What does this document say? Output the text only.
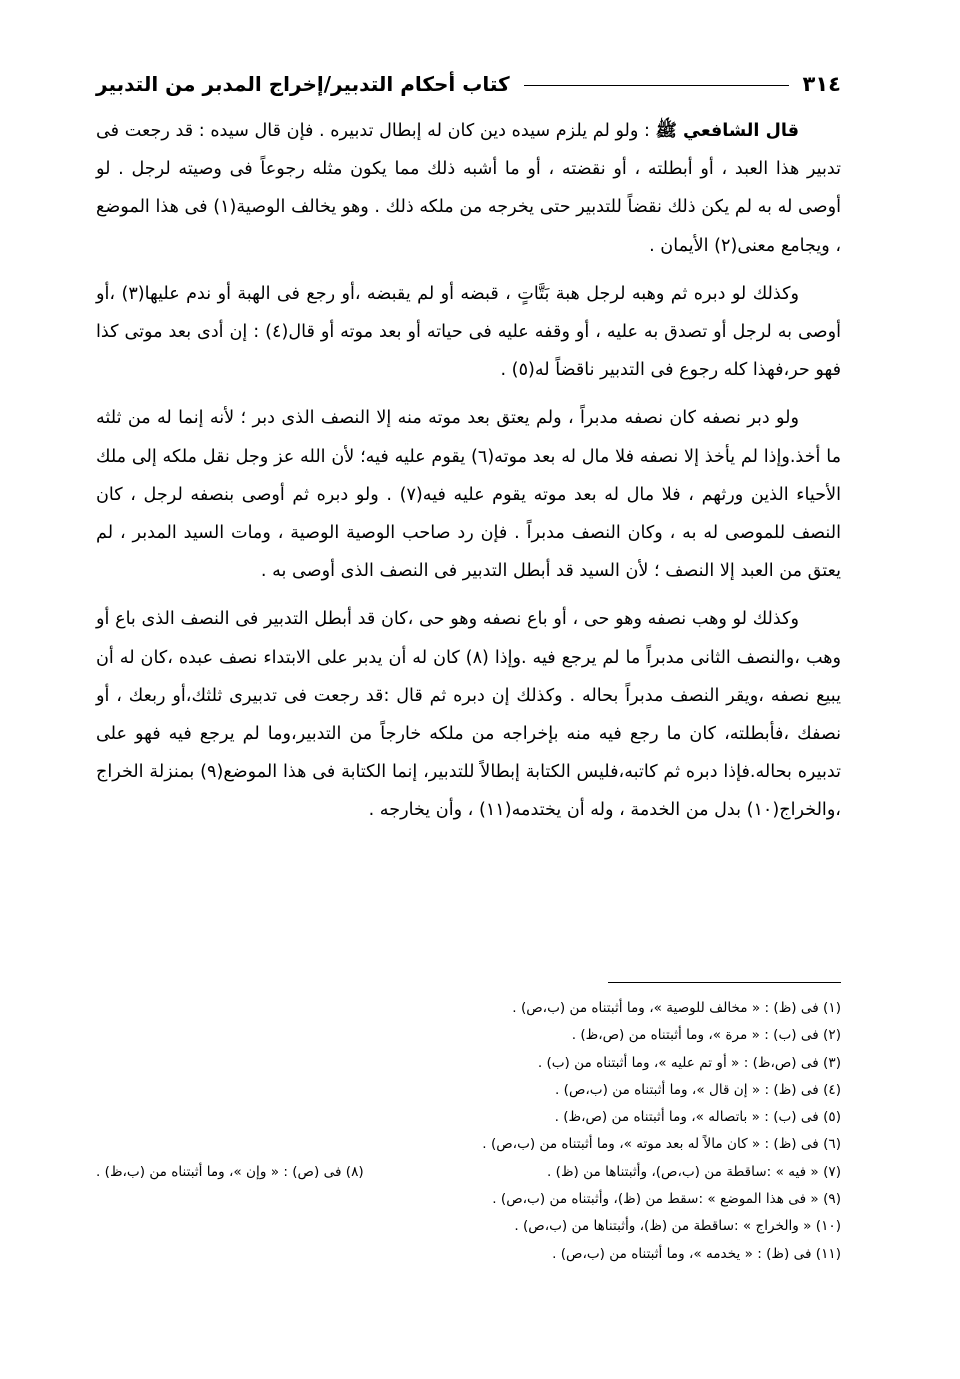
٣١٤
كتاب أحكام التدبير/إخراج المدبر من التدبير

قال الشافعي ﷺ : ولو لم يلزم سيده دين كان له إبطال تدبيره . فإن قال سيده : قد رجعت فى تدبير هذا العبد ، أو أبطلته ، أو نقضته ، أو ما أشبه ذلك مما يكون مثله رجوعاً فى وصيته لرجل . لو أوصى له به لم يكن ذلك نقضاً للتدبير حتى يخرجه من ملكه ذلك . وهو يخالف الوصية(١) فى هذا الموضع ، ويجامع معنى(٢) الأيمان .

وكذلك لو دبره ثم وهبه لرجل هبة بَتَّاتٍ ، قبضه أو لم يقبضه ،أو رجع فى الهبة أو ندم عليها(٣) ،أو أوصى به لرجل أو تصدق به عليه ، أو وقفه عليه فى حياته أو بعد موته أو قال(٤) : إن أدى بعد موتى كذا فهو حر،فهذا كله رجوع فى التدبير ناقضاً له(٥) .

ولو دبر نصفه كان نصفه مدبراً ، ولم يعتق بعد موته منه إلا النصف الذى دبر ؛ لأنه إنما له من ثلثه ما أخذ.وإذا لم يأخذ إلا نصفه فلا مال له بعد موته(٦) يقوم عليه فيه؛ لأن الله عز وجل نقل ملكه إلى ملك الأحياء الذين ورثهم ، فلا مال له بعد موته يقوم عليه فيه(٧) . ولو دبره ثم أوصى بنصفه لرجل ، كان النصف للموصى له به ، وكان النصف مدبراً . فإن رد صاحب الوصية الوصية ، ومات السيد المدبر ، لم يعتق من العبد إلا النصف ؛ لأن السيد قد أبطل التدبير فى النصف الذى أوصى به .

وكذلك لو وهب نصفه وهو حى ، أو باع نصفه وهو حى ،كان قد أبطل التدبير فى النصف الذى باع أو وهب ،والنصف الثانى مدبراً ما لم يرجع فيه .وإذا (٨) كان له أن يدبر على الابتداء نصف عبده ،كان له أن يبيع نصفه ،ويقر النصف مدبراً بحاله . وكذلك إن دبره ثم قال :قد رجعت فى تدبيرى ثلثك،أو ربعك ، أو نصفك ،فأبطلته، كان ما رجع فيه منه بإخراجه من ملكه خارجاً من التدبير،وما لم يرجع فيه فهو على تدبيره بحاله.فإذا دبره ثم كاتبه،فليس الكتابة إبطالاً للتدبير، إنما الكتابة فى هذا الموضع(٩) بمنزلة الخراج ،والخراج(١٠) بدل من الخدمة ، وله أن يختدمه(١١) ، وأن يخارجه .

(١) فى (ظ) : « مخالف للوصية »، وما أثبتناه من (ب،ص) .
(٢) فى (ب) : « مرة »، وما أثبتناه من (ص،ظ) .
(٣) فى (ص،ظ) : « أو تم عليه »، وما أثبتناه من (ب) .
(٤) فى (ظ) : « إن قال »، وما أثبتناه من (ب،ص) .
(٥) فى (ب) : « باتصاله »، وما أثبتناه من (ص،ظ) .
(٦) فى (ظ) : « كان مالاً له بعد موته »، وما أثبتناه من (ب،ص) .
(٧) « فيه » :ساقطة من (ب،ص)، وأثبتناها من (ظ) .
(٨) فى (ص) : « وإن »، وما أثبتناه من (ب،ظ) .
(٩) « فى هذا الموضع » :سقط من (ظ)، وأثبتناه من (ب،ص) .
(١٠) « والخراج » :ساقطة من (ظ)، وأثبتناها من (ب،ص) .
(١١) فى (ظ) : « يخدمه »، وما أثبتناه من (ب،ص) .
